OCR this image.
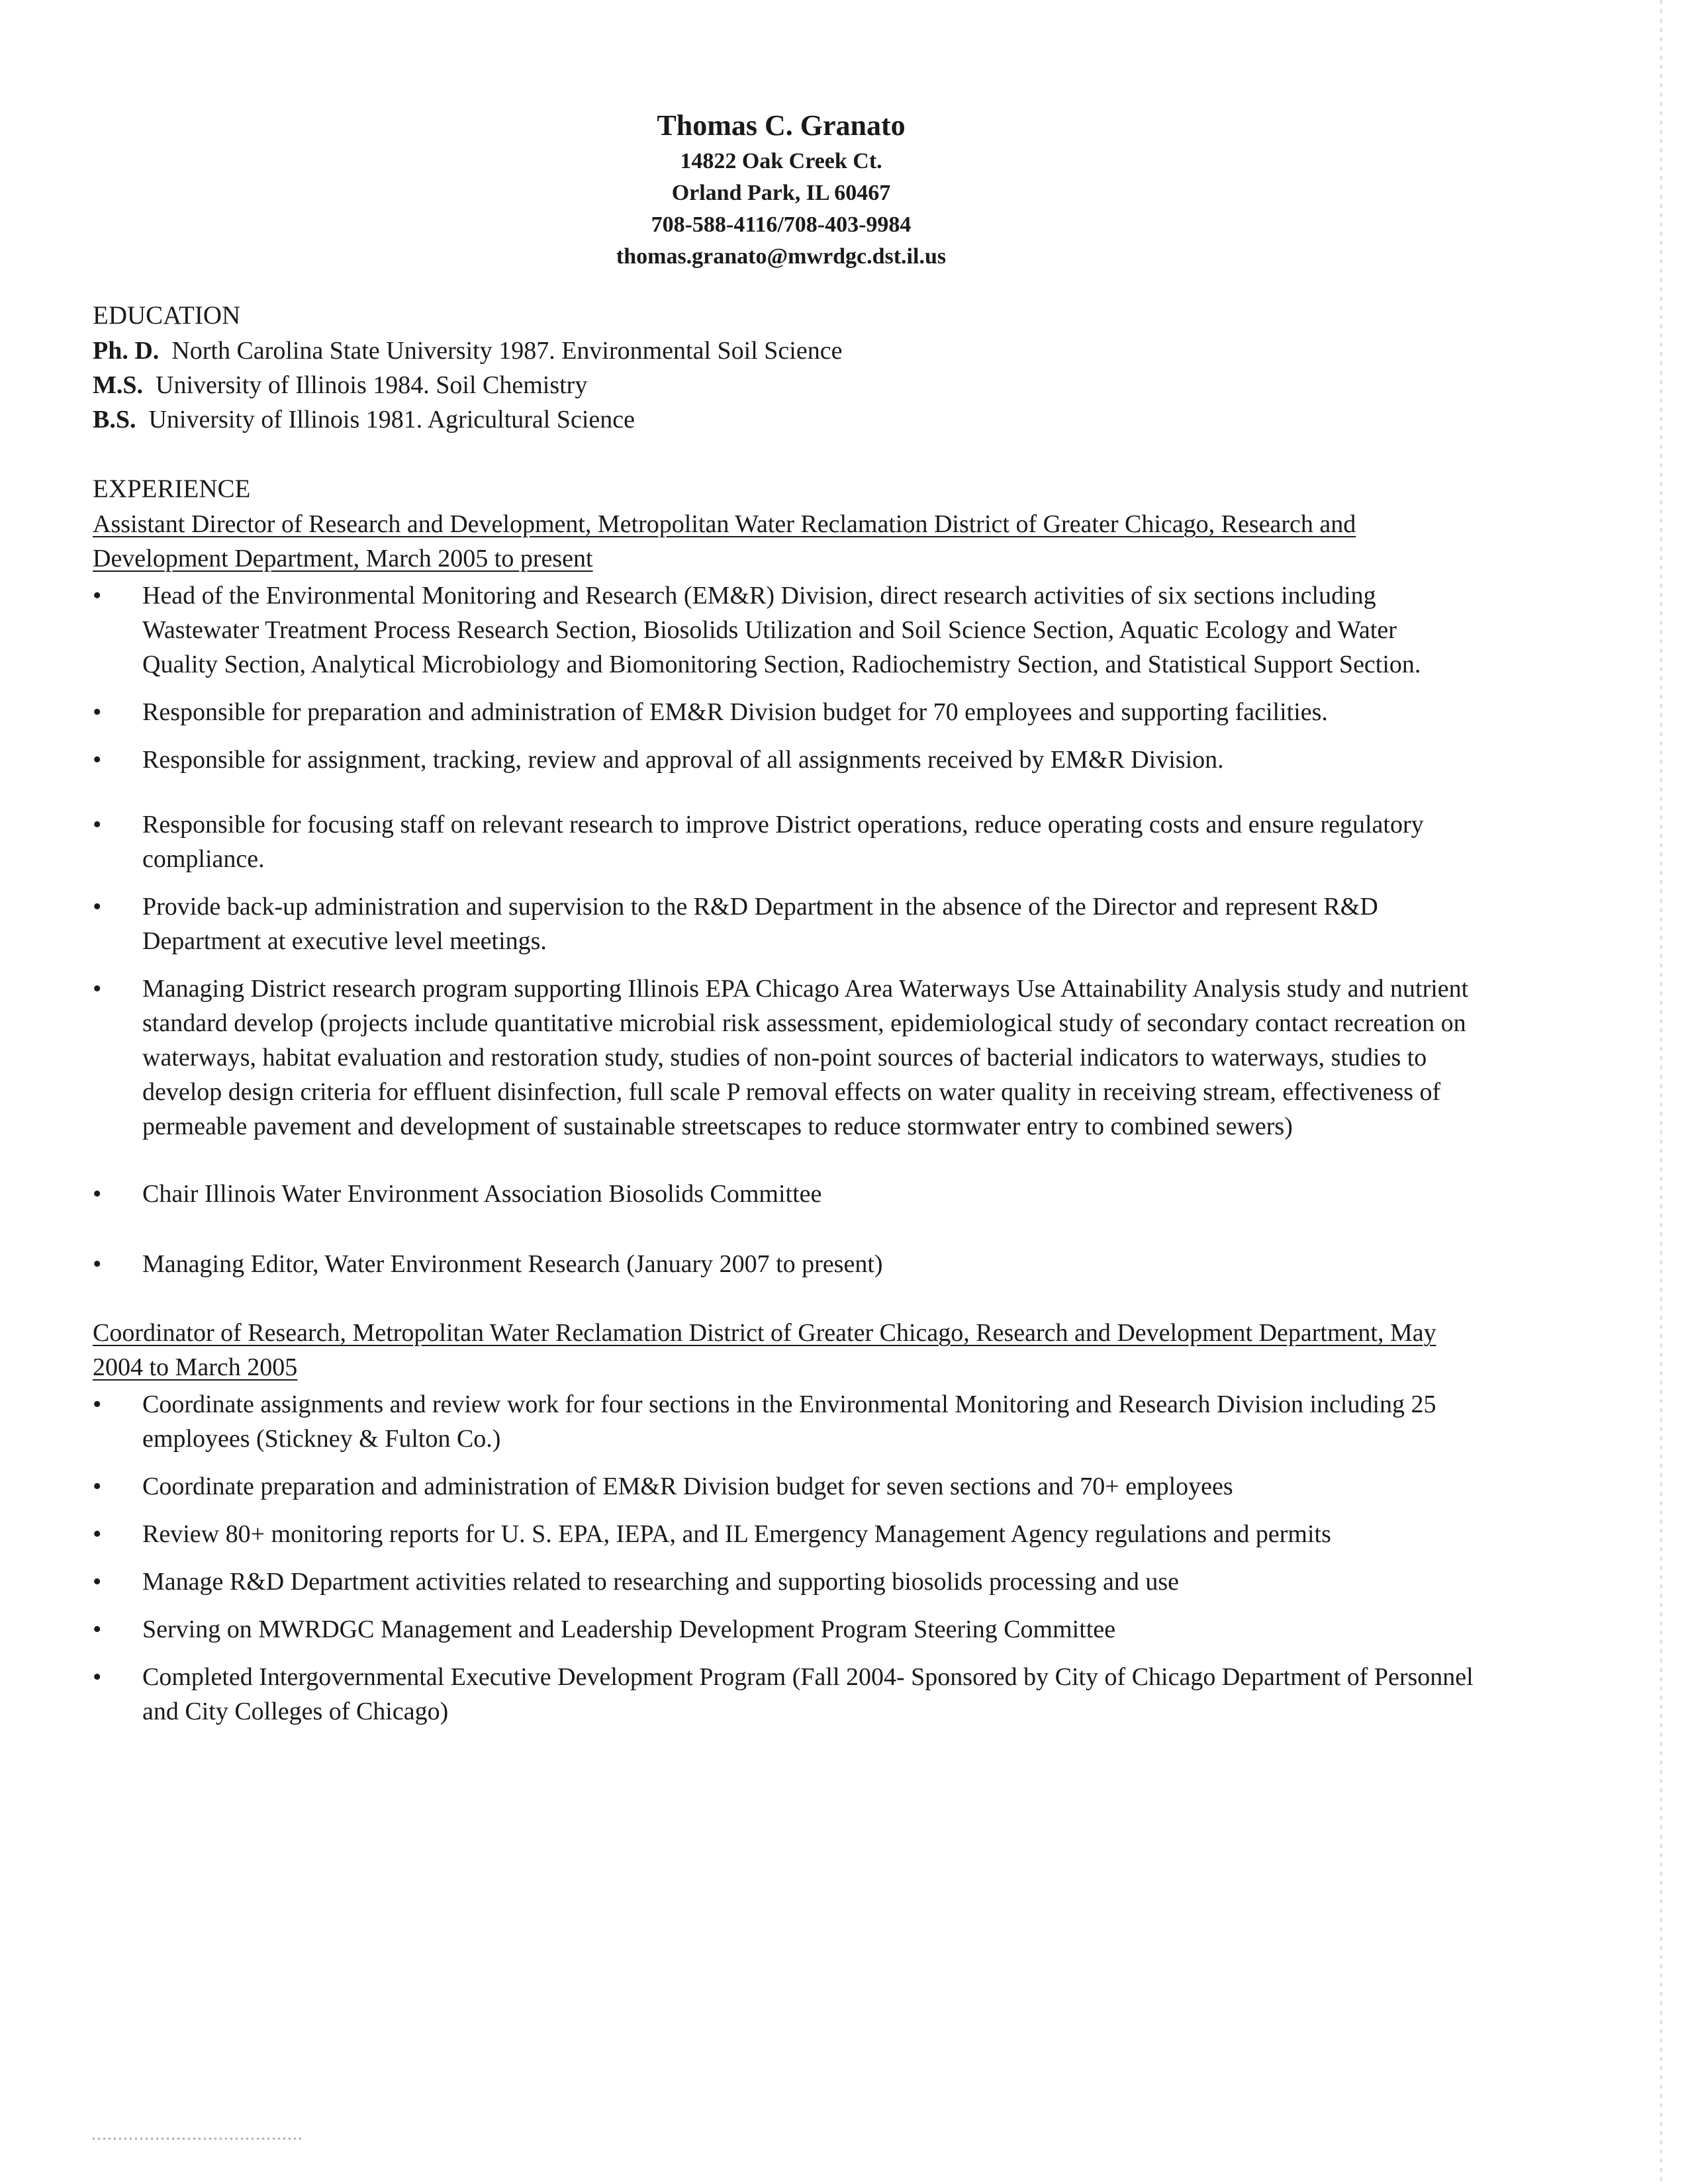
Thomas C. Granato
14822 Oak Creek Ct.
Orland Park, IL 60467
708-588-4116/708-403-9984
thomas.granato@mwrdgc.dst.il.us
EDUCATION
Ph. D. North Carolina State University 1987. Environmental Soil Science
M.S. University of Illinois 1984. Soil Chemistry
B.S. University of Illinois 1981. Agricultural Science
EXPERIENCE
Assistant Director of Research and Development, Metropolitan Water Reclamation District of Greater Chicago, Research and Development Department, March 2005 to present
• Head of the Environmental Monitoring and Research (EM&R) Division, direct research activities of six sections including Wastewater Treatment Process Research Section, Biosolids Utilization and Soil Science Section, Aquatic Ecology and Water Quality Section, Analytical Microbiology and Biomonitoring Section, Radiochemistry Section, and Statistical Support Section.
• Responsible for preparation and administration of EM&R Division budget for 70 employees and supporting facilities.
• Responsible for assignment, tracking, review and approval of all assignments received by EM&R Division.
• Responsible for focusing staff on relevant research to improve District operations, reduce operating costs and ensure regulatory compliance.
• Provide back-up administration and supervision to the R&D Department in the absence of the Director and represent R&D Department at executive level meetings.
• Managing District research program supporting Illinois EPA Chicago Area Waterways Use Attainability Analysis study and nutrient standard develop (projects include quantitative microbial risk assessment, epidemiological study of secondary contact recreation on waterways, habitat evaluation and restoration study, studies of non-point sources of bacterial indicators to waterways, studies to develop design criteria for effluent disinfection, full scale P removal effects on water quality in receiving stream, effectiveness of permeable pavement and development of sustainable streetscapes to reduce stormwater entry to combined sewers)
• Chair Illinois Water Environment Association Biosolids Committee
• Managing Editor, Water Environment Research (January 2007 to present)
Coordinator of Research, Metropolitan Water Reclamation District of Greater Chicago, Research and Development Department, May 2004 to March 2005
• Coordinate assignments and review work for four sections in the Environmental Monitoring and Research Division including 25 employees (Stickney & Fulton Co.)
• Coordinate preparation and administration of EM&R Division budget for seven sections and 70+ employees
• Review 80+ monitoring reports for U. S. EPA, IEPA, and IL Emergency Management Agency regulations and permits
• Manage R&D Department activities related to researching and supporting biosolids processing and use
• Serving on MWRDGC Management and Leadership Development Program Steering Committee
• Completed Intergovernmental Executive Development Program (Fall 2004- Sponsored by City of Chicago Department of Personnel and City Colleges of Chicago)
